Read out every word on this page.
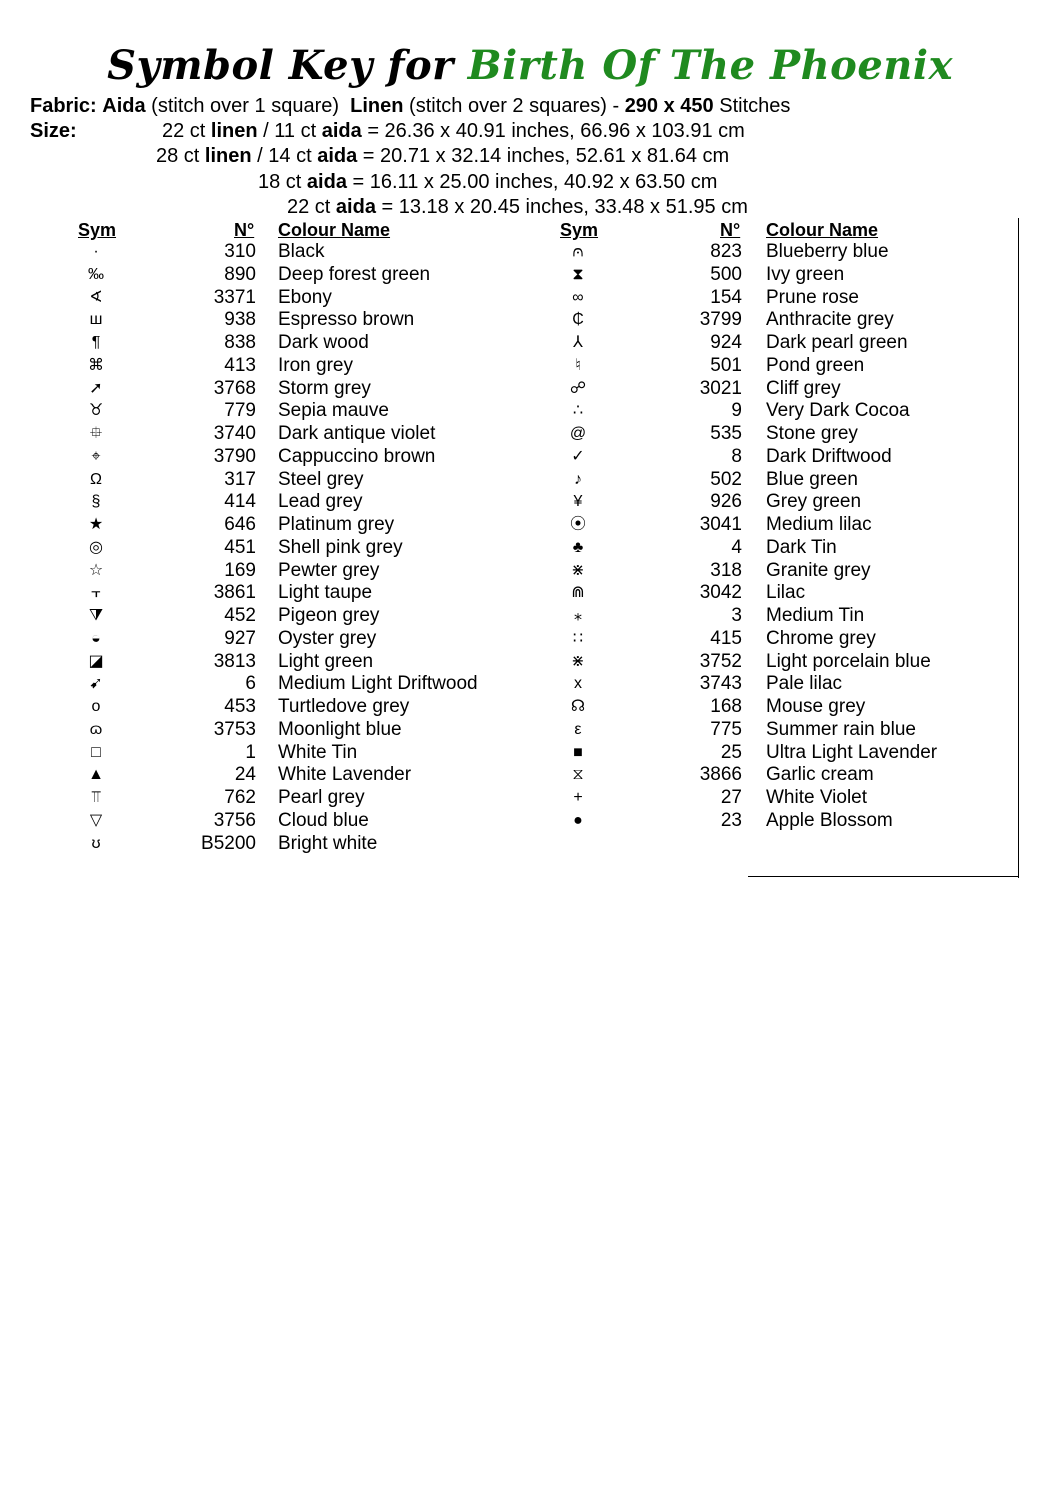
Symbol Key for Birth Of The Phoenix
Fabric: Aida (stitch over 1 square) Linen (stitch over 2 squares) - 290 x 450 Stitches
Size:	22 ct linen / 11 ct aida = 26.36 x 40.91 inches, 66.96 x 103.91 cm
28 ct linen / 14 ct aida = 20.71 x 32.14 inches, 52.61 x 81.64 cm
18 ct aida = 16.11 x 25.00 inches, 40.92 x 63.50 cm
22 ct aida = 13.18 x 20.45 inches, 33.48 x 51.95 cm
Sym	N° Colour Name
·	310 Black
‰	890 Deep forest green
∢	3371 Ebony
ш	938 Espresso brown
¶	838 Dark wood
⌘	413 Iron grey
➚	3768 Storm grey
♉	779 Sepia mauve
⯐	3740 Dark antique violet
⌖	3790 Cappuccino brown
Ω	317 Steel grey
§	414 Lead grey
★	646 Platinum grey
◎	451 Shell pink grey
☆	169 Pewter grey
⫟	3861 Light taupe
⧩	452 Pigeon grey
◒	927 Oyster grey
◪	3813 Light green
➹	6 Medium Light Driftwood
o	453 Turtledove grey
ɷ	3753 Moonlight blue
□	1 White Tin
▲	24 White Lavender
⫪	762 Pearl grey
▽	3756 Cloud blue
ʊ	B5200 Bright white
Sym	N° Colour Name
⩀	823 Blueberry blue
⧗	500 Ivy green
∞	154 Prune rose
₵	3799 Anthracite grey
⅄	924 Dark pearl green
♮	501 Pond green
☍	3021 Cliff grey
∴	9 Very Dark Cocoa
@	535 Stone grey
✓	8 Dark Driftwood
♪	502 Blue green
¥	926 Grey green
⦿	3041 Medium lilac
♣	4 Dark Tin
⋇	318 Granite grey
⋒	3042 Lilac
⁎	3 Medium Tin
∷	415 Chrome grey
⋇	3752 Light porcelain blue
x	3743 Pale lilac
☊	168 Mouse grey
ε	775 Summer rain blue
■	25 Ultra Light Lavender
⧖	3866 Garlic cream
+	27 White Violet
●	23 Apple Blossom
